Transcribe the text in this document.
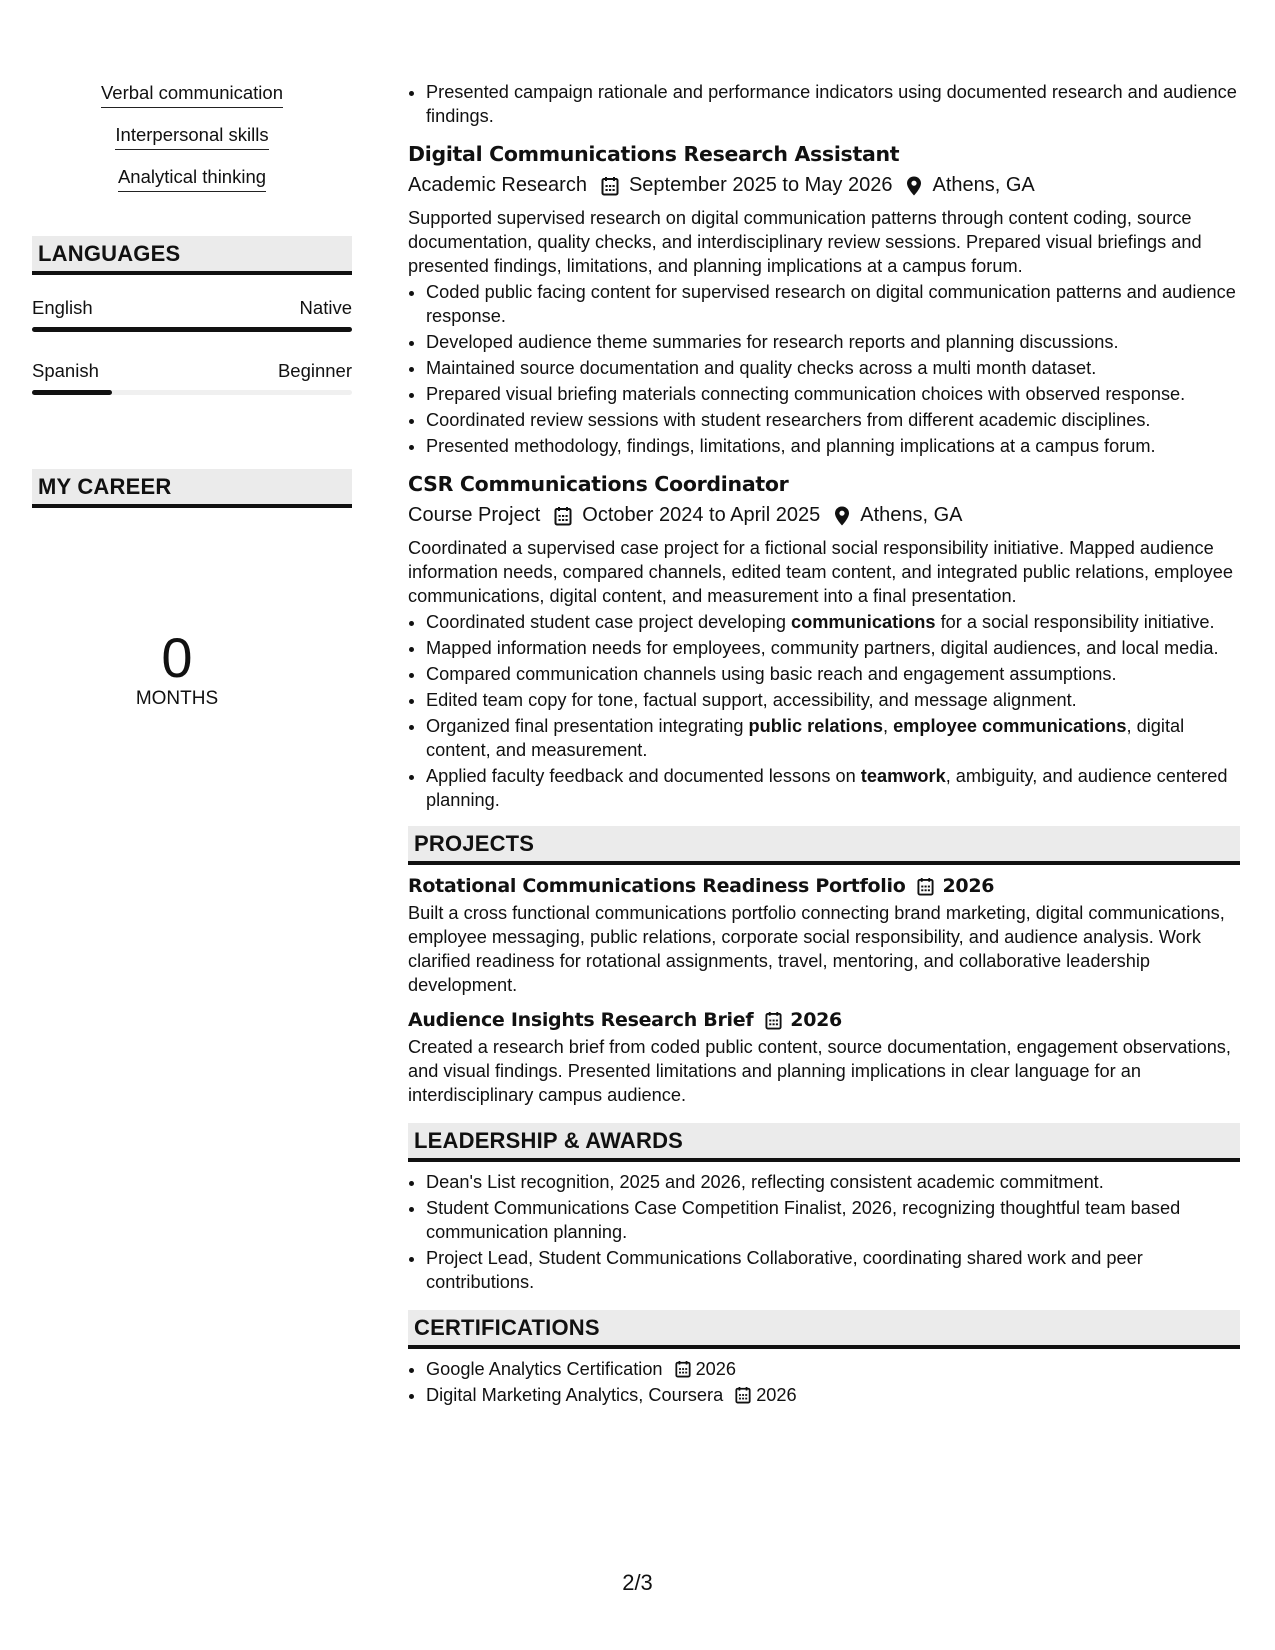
Verbal communication
Interpersonal skills
Analytical thinking
LANGUAGES
English	Native
Spanish	Beginner
MY CAREER
0
MONTHS
• Presented campaign rationale and performance indicators using documented research and audience findings.
Digital Communications Research Assistant
Academic Research September 2025 to May 2026 Athens, GA
Supported supervised research on digital communication patterns through content coding, source documentation, quality checks, and interdisciplinary review sessions. Prepared visual briefings and presented findings, limitations, and planning implications at a campus forum.
• Coded public facing content for supervised research on digital communication patterns and audience response.
• Developed audience theme summaries for research reports and planning discussions.
• Maintained source documentation and quality checks across a multi month dataset.
• Prepared visual briefing materials connecting communication choices with observed response.
• Coordinated review sessions with student researchers from different academic disciplines.
• Presented methodology, findings, limitations, and planning implications at a campus forum.
CSR Communications Coordinator
Course Project October 2024 to April 2025 Athens, GA
Coordinated a supervised case project for a fictional social responsibility initiative. Mapped audience information needs, compared channels, edited team content, and integrated public relations, employee communications, digital content, and measurement into a final presentation.
• Coordinated student case project developing communications for a social responsibility initiative.
• Mapped information needs for employees, community partners, digital audiences, and local media.
• Compared communication channels using basic reach and engagement assumptions.
• Edited team copy for tone, factual support, accessibility, and message alignment.
• Organized final presentation integrating public relations, employee communications, digital content, and measurement.
• Applied faculty feedback and documented lessons on teamwork, ambiguity, and audience centered planning.
PROJECTS
Rotational Communications Readiness Portfolio 2026
Built a cross functional communications portfolio connecting brand marketing, digital communications, employee messaging, public relations, corporate social responsibility, and audience analysis. Work clarified readiness for rotational assignments, travel, mentoring, and collaborative leadership development.
Audience Insights Research Brief 2026
Created a research brief from coded public content, source documentation, engagement observations, and visual findings. Presented limitations and planning implications in clear language for an interdisciplinary campus audience.
LEADERSHIP & AWARDS
• Dean's List recognition, 2025 and 2026, reflecting consistent academic commitment.
• Student Communications Case Competition Finalist, 2026, recognizing thoughtful team based communication planning.
• Project Lead, Student Communications Collaborative, coordinating shared work and peer contributions.
CERTIFICATIONS
• Google Analytics Certification 2026
• Digital Marketing Analytics, Coursera 2026
2/3
